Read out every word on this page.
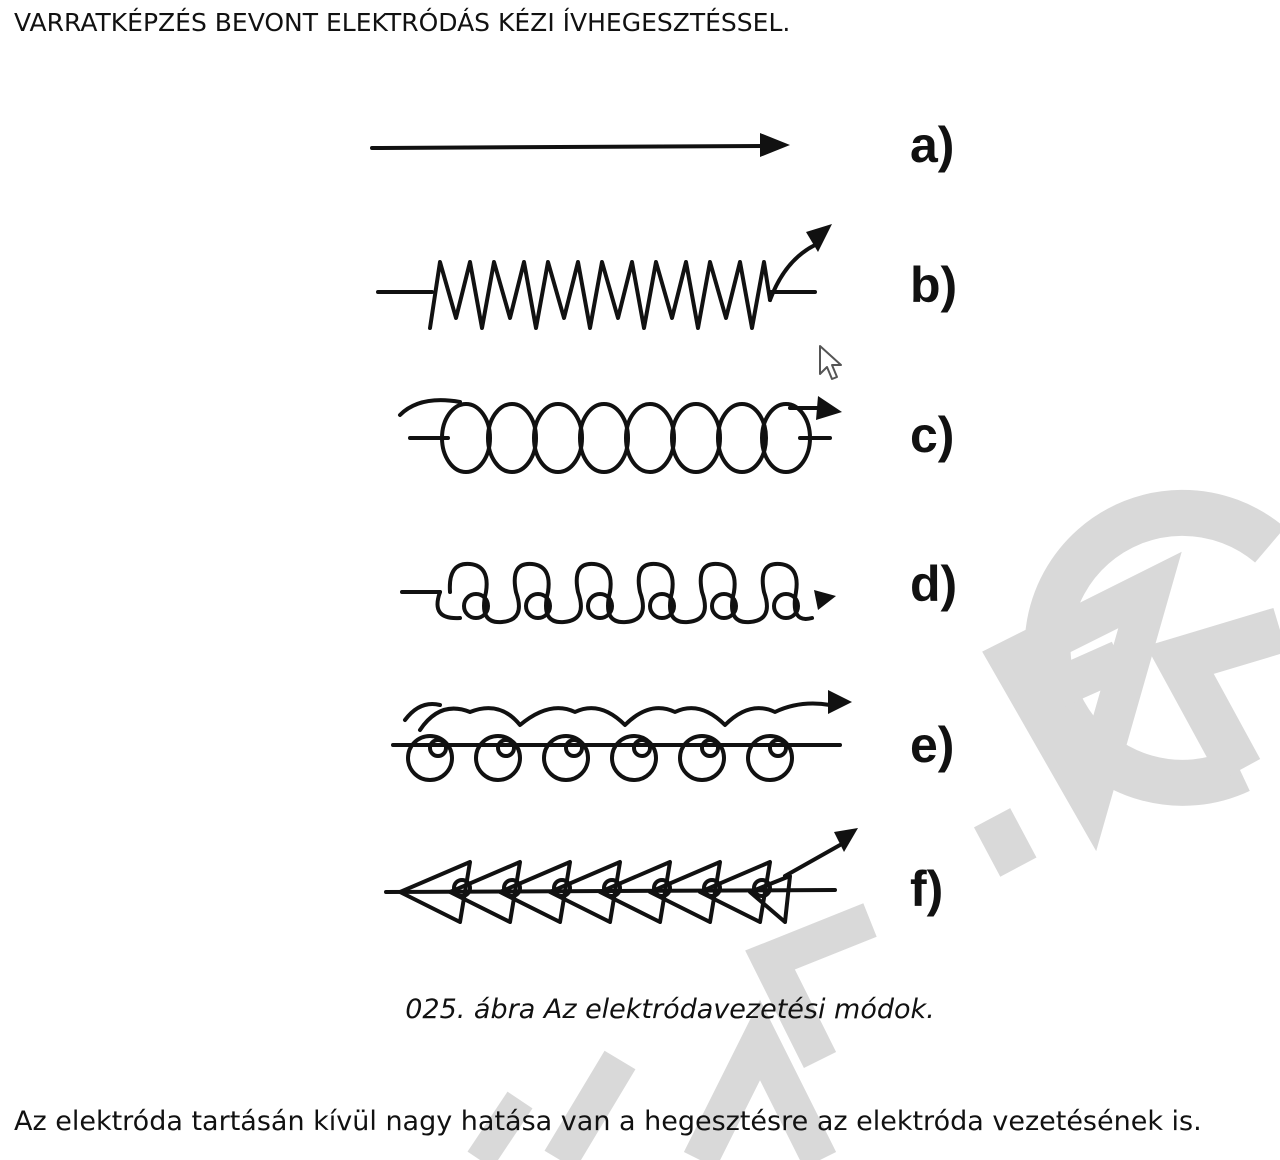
VARRATKÉPZÉS BEVONT ELEKTRÓDÁS KÉZI ÍVHEGESZTÉSSEL.
a)
b)
c)
d)
e)
f)

025. ábra Az elektródavezetési módok.

Az elektróda tartásán kívül nagy hatása van a hegesztésre az elektróda vezetésének is.
